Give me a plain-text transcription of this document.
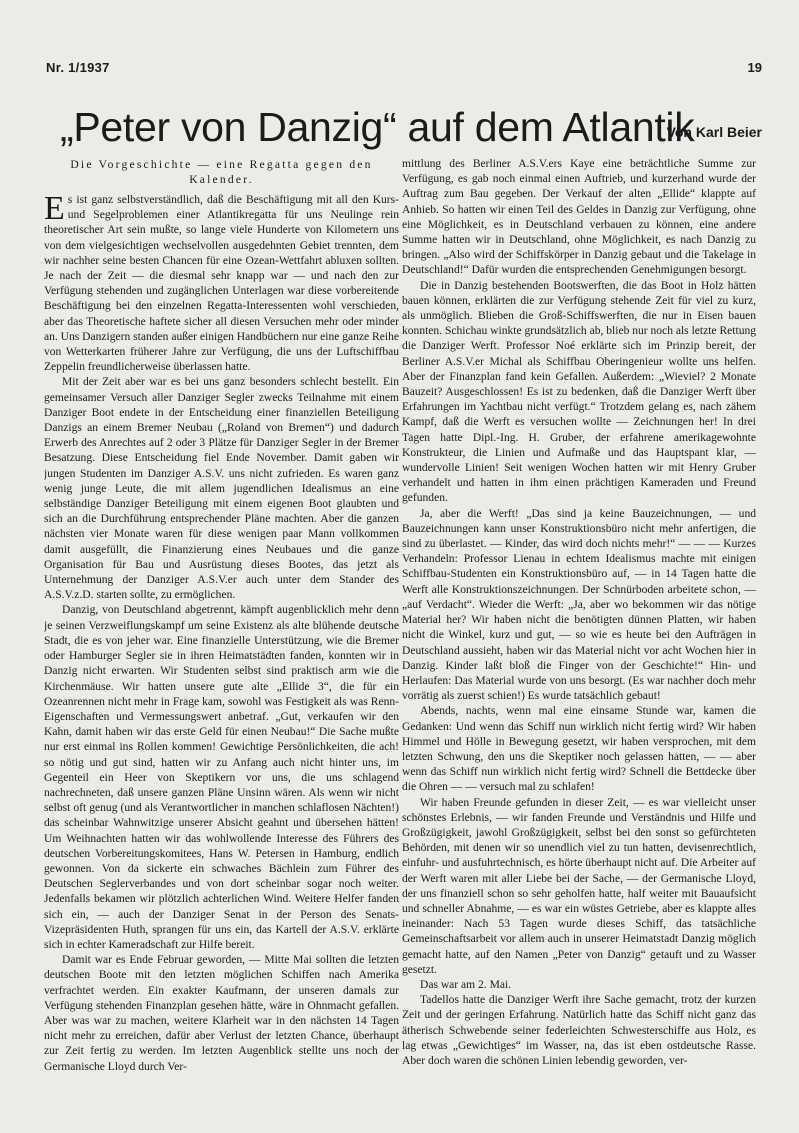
Nr. 1/1937	19
„Peter von Danzig“ auf dem Atlantik
Von Karl Beier
Die Vorgeschichte — eine Regatta gegen den Kalender.

Es ist ganz selbstverständlich, daß die Beschäftigung mit all den Kurs- und Segelproblemen einer Atlantikregatta für uns Neulinge rein theoretischer Art sein mußte, so lange viele Hunderte von Kilometern uns von dem vielgesichtigen wechselvollen ausgedehnten Gebiet trennten, dem wir nachher seine besten Chancen für eine Ozean-Wettfahrt abluxen sollten. Je nach der Zeit — die diesmal sehr knapp war — und nach den zur Verfügung stehenden und zugänglichen Unterlagen war diese vorbereitende Beschäftigung bei den einzelnen Regatta-Interessenten wohl verschieden, aber das Theoretische haftete sicher all diesen Versuchen mehr oder minder an. Uns Danzigern standen außer einigen Handbüchern nur eine ganze Reihe von Wetterkarten früherer Jahre zur Verfügung, die uns der Luftschiffbau Zeppelin freundlicherweise überlassen hatte.

Mit der Zeit aber war es bei uns ganz besonders schlecht bestellt. Ein gemeinsamer Versuch aller Danziger Segler zwecks Teilnahme mit einem Danziger Boot endete in der Entscheidung einer finanziellen Beteiligung Danzigs an einem Bremer Neubau („Roland von Bremen“) und dadurch Erwerb des Anrechtes auf 2 oder 3 Plätze für Danziger Segler in der Bremer Besatzung. Diese Entscheidung fiel Ende November. Damit gaben wir jungen Studenten im Danziger A.S.V. uns nicht zufrieden. Es waren ganz wenig junge Leute, die mit allem jugendlichen Idealismus an eine selbständige Danziger Beteiligung mit einem eigenen Boot glaubten und sich an die Durchführung entsprechender Pläne machten. Aber die ganzen nächsten vier Monate waren für diese wenigen paar Mann vollkommen damit ausgefüllt, die Finanzierung eines Neubaues und die ganze Organisation für Bau und Ausrüstung dieses Bootes, das jetzt als Unternehmung der Danziger A.S.V.er auch unter dem Stander des A.S.V.z.D. starten sollte, zu ermöglichen.

Danzig, von Deutschland abgetrennt, kämpft augenblicklich mehr denn je seinen Verzweiflungskampf um seine Existenz als alte blühende deutsche Stadt, die es von jeher war. Eine finanzielle Unterstützung, wie die Bremer oder Hamburger Segler sie in ihren Heimatstädten fanden, konnten wir in Danzig nicht erwarten. Wir Studenten selbst sind praktisch arm wie die Kirchenmäuse. Wir hatten unsere gute alte „Ellide 3“, die für ein Ozeanrennen nicht mehr in Frage kam, sowohl was Festigkeit als was Renn-Eigenschaften und Vermessungswert anbetraf. „Gut, verkaufen wir den Kahn, damit haben wir das erste Geld für einen Neubau!“ Die Sache mußte nur erst einmal ins Rollen kommen! Gewichtige Persönlichkeiten, die ach! so nötig und gut sind, hatten wir zu Anfang auch nicht hinter uns, im Gegenteil ein Heer von Skeptikern vor uns, die uns schlagend nachrechneten, daß unsere ganzen Pläne Unsinn wären. Als wenn wir nicht selbst oft genug (und als Verantwortlicher in manchen schlaflosen Nächten!) das scheinbar Wahnwitzige unserer Absicht geahnt und übersehen hätten! Um Weihnachten hatten wir das wohlwollende Interesse des Führers des deutschen Vorbereitungskomitees, Hans W. Petersen in Hamburg, endlich gewonnen. Von da sickerte ein schwaches Bächlein zum Führer des Deutschen Seglerverbandes und von dort scheinbar sogar noch weiter. Jedenfalls bekamen wir plötzlich achterlichen Wind. Weitere Helfer fanden sich ein, — auch der Danziger Senat in der Person des Senats-Vizepräsidenten Huth, sprangen für uns ein, das Kartell der A.S.V. erklärte sich in echter Kameradschaft zur Hilfe bereit.

Damit war es Ende Februar geworden, — Mitte Mai sollten die letzten deutschen Boote mit den letzten möglichen Schiffen nach Amerika verfrachtet werden. Ein exakter Kaufmann, der unseren damals zur Verfügung stehenden Finanzplan gesehen hätte, wäre in Ohnmacht gefallen. Aber was war zu machen, weitere Klarheit war in den nächsten 14 Tagen nicht mehr zu erreichen, dafür aber Verlust der letzten Chance, überhaupt zur Zeit fertig zu werden. Im letzten Augenblick stellte uns noch der Germanische Lloyd durch Ver-

mittlung des Berliner A.S.V.ers Kaye eine beträchtliche Summe zur Verfügung, es gab noch einmal einen Auftrieb, und kurzerhand wurde der Auftrag zum Bau gegeben. Der Verkauf der alten „Ellide“ klappte auf Anhieb. So hatten wir einen Teil des Geldes in Danzig zur Verfügung, ohne eine Möglichkeit, es in Deutschland verbauen zu können, eine andere Summe hatten wir in Deutschland, ohne Möglichkeit, es nach Danzig zu bringen. „Also wird der Schiffskörper in Danzig gebaut und die Takelage in Deutschland!“ Dafür wurden die entsprechenden Genehmigungen besorgt.

Die in Danzig bestehenden Bootswerften, die das Boot in Holz hätten bauen können, erklärten die zur Verfügung stehende Zeit für viel zu kurz, als unmöglich. Blieben die Groß-Schiffswerften, die nur in Eisen bauen konnten. Schichau winkte grundsätzlich ab, blieb nur noch als letzte Rettung die Danziger Werft. Professor Noé erklärte sich im Prinzip bereit, der Berliner A.S.V.er Michal als Schiffbau Oberingenieur wollte uns helfen. Aber der Finanzplan fand kein Gefallen. Außerdem: „Wieviel? 2 Monate Bauzeit? Ausgeschlossen! Es ist zu bedenken, daß die Danziger Werft über Erfahrungen im Yachtbau nicht verfügt.“ Trotzdem gelang es, nach zähem Kampf, daß die Werft es versuchen wollte — Zeichnungen her! In drei Tagen hatte Dipl.-Ing. H. Gruber, der erfahrene amerikagewohnte Konstrukteur, die Linien und Aufmaße und das Hauptspant klar, — wundervolle Linien! Seit wenigen Wochen hatten wir mit Henry Gruber verhandelt und hatten in ihm einen prächtigen Kameraden und Freund gefunden.

Ja, aber die Werft! „Das sind ja keine Bauzeichnungen, — und Bauzeichnungen kann unser Konstruktionsbüro nicht mehr anfertigen, die sind zu überlastet. — Kinder, das wird doch nichts mehr!“ — — — Kurzes Verhandeln: Professor Lienau in echtem Idealismus machte mit einigen Schiffbau-Studenten ein Konstruktionsbüro auf, — in 14 Tagen hatte die Werft alle Konstruktionszeichnungen. Der Schnürboden arbeitete schon, — „auf Verdacht“. Wieder die Werft: „Ja, aber wo bekommen wir das nötige Material her? Wir haben nicht die benötigten dünnen Platten, wir haben nicht die Winkel, kurz und gut, — so wie es heute bei den Aufträgen in Deutschland aussieht, haben wir das Material nicht vor acht Wochen hier in Danzig. Kinder laßt bloß die Finger von der Geschichte!“ Hin- und Herlaufen: Das Material wurde von uns besorgt. (Es war nachher doch mehr vorrätig als zuerst schien!) Es wurde tatsächlich gebaut!

Abends, nachts, wenn mal eine einsame Stunde war, kamen die Gedanken: Und wenn das Schiff nun wirklich nicht fertig wird? Wir haben Himmel und Hölle in Bewegung gesetzt, wir haben versprochen, mit dem letzten Schwung, den uns die Skeptiker noch gelassen hatten, — — aber wenn das Schiff nun wirklich nicht fertig wird? Schnell die Bettdecke über die Ohren — — versuch mal zu schlafen!

Wir haben Freunde gefunden in dieser Zeit, — es war vielleicht unser schönstes Erlebnis, — wir fanden Freunde und Verständnis und Hilfe und Großzügigkeit, jawohl Großzügigkeit, selbst bei den sonst so gefürchteten Behörden, mit denen wir so unendlich viel zu tun hatten, devisenrechtlich, einfuhr- und ausfuhrtechnisch, es hörte überhaupt nicht auf. Die Arbeiter auf der Werft waren mit aller Liebe bei der Sache, — der Germanische Lloyd, der uns finanziell schon so sehr geholfen hatte, half weiter mit Bauaufsicht und schneller Abnahme, — es war ein wüstes Getriebe, aber es klappte alles ineinander: Nach 53 Tagen wurde dieses Schiff, das tatsächliche Gemeinschaftsarbeit vor allem auch in unserer Heimatstadt Danzig möglich gemacht hatte, auf den Namen „Peter von Danzig“ getauft und zu Wasser gesetzt.

Das war am 2. Mai.

Tadellos hatte die Danziger Werft ihre Sache gemacht, trotz der kurzen Zeit und der geringen Erfahrung. Natürlich hatte das Schiff nicht ganz das ätherisch Schwebende seiner federleichten Schwesterschiffe aus Holz, es lag etwas „Gewichtiges“ im Wasser, na, das ist eben ostdeutsche Rasse. Aber doch waren die schönen Linien lebendig geworden, ver-
